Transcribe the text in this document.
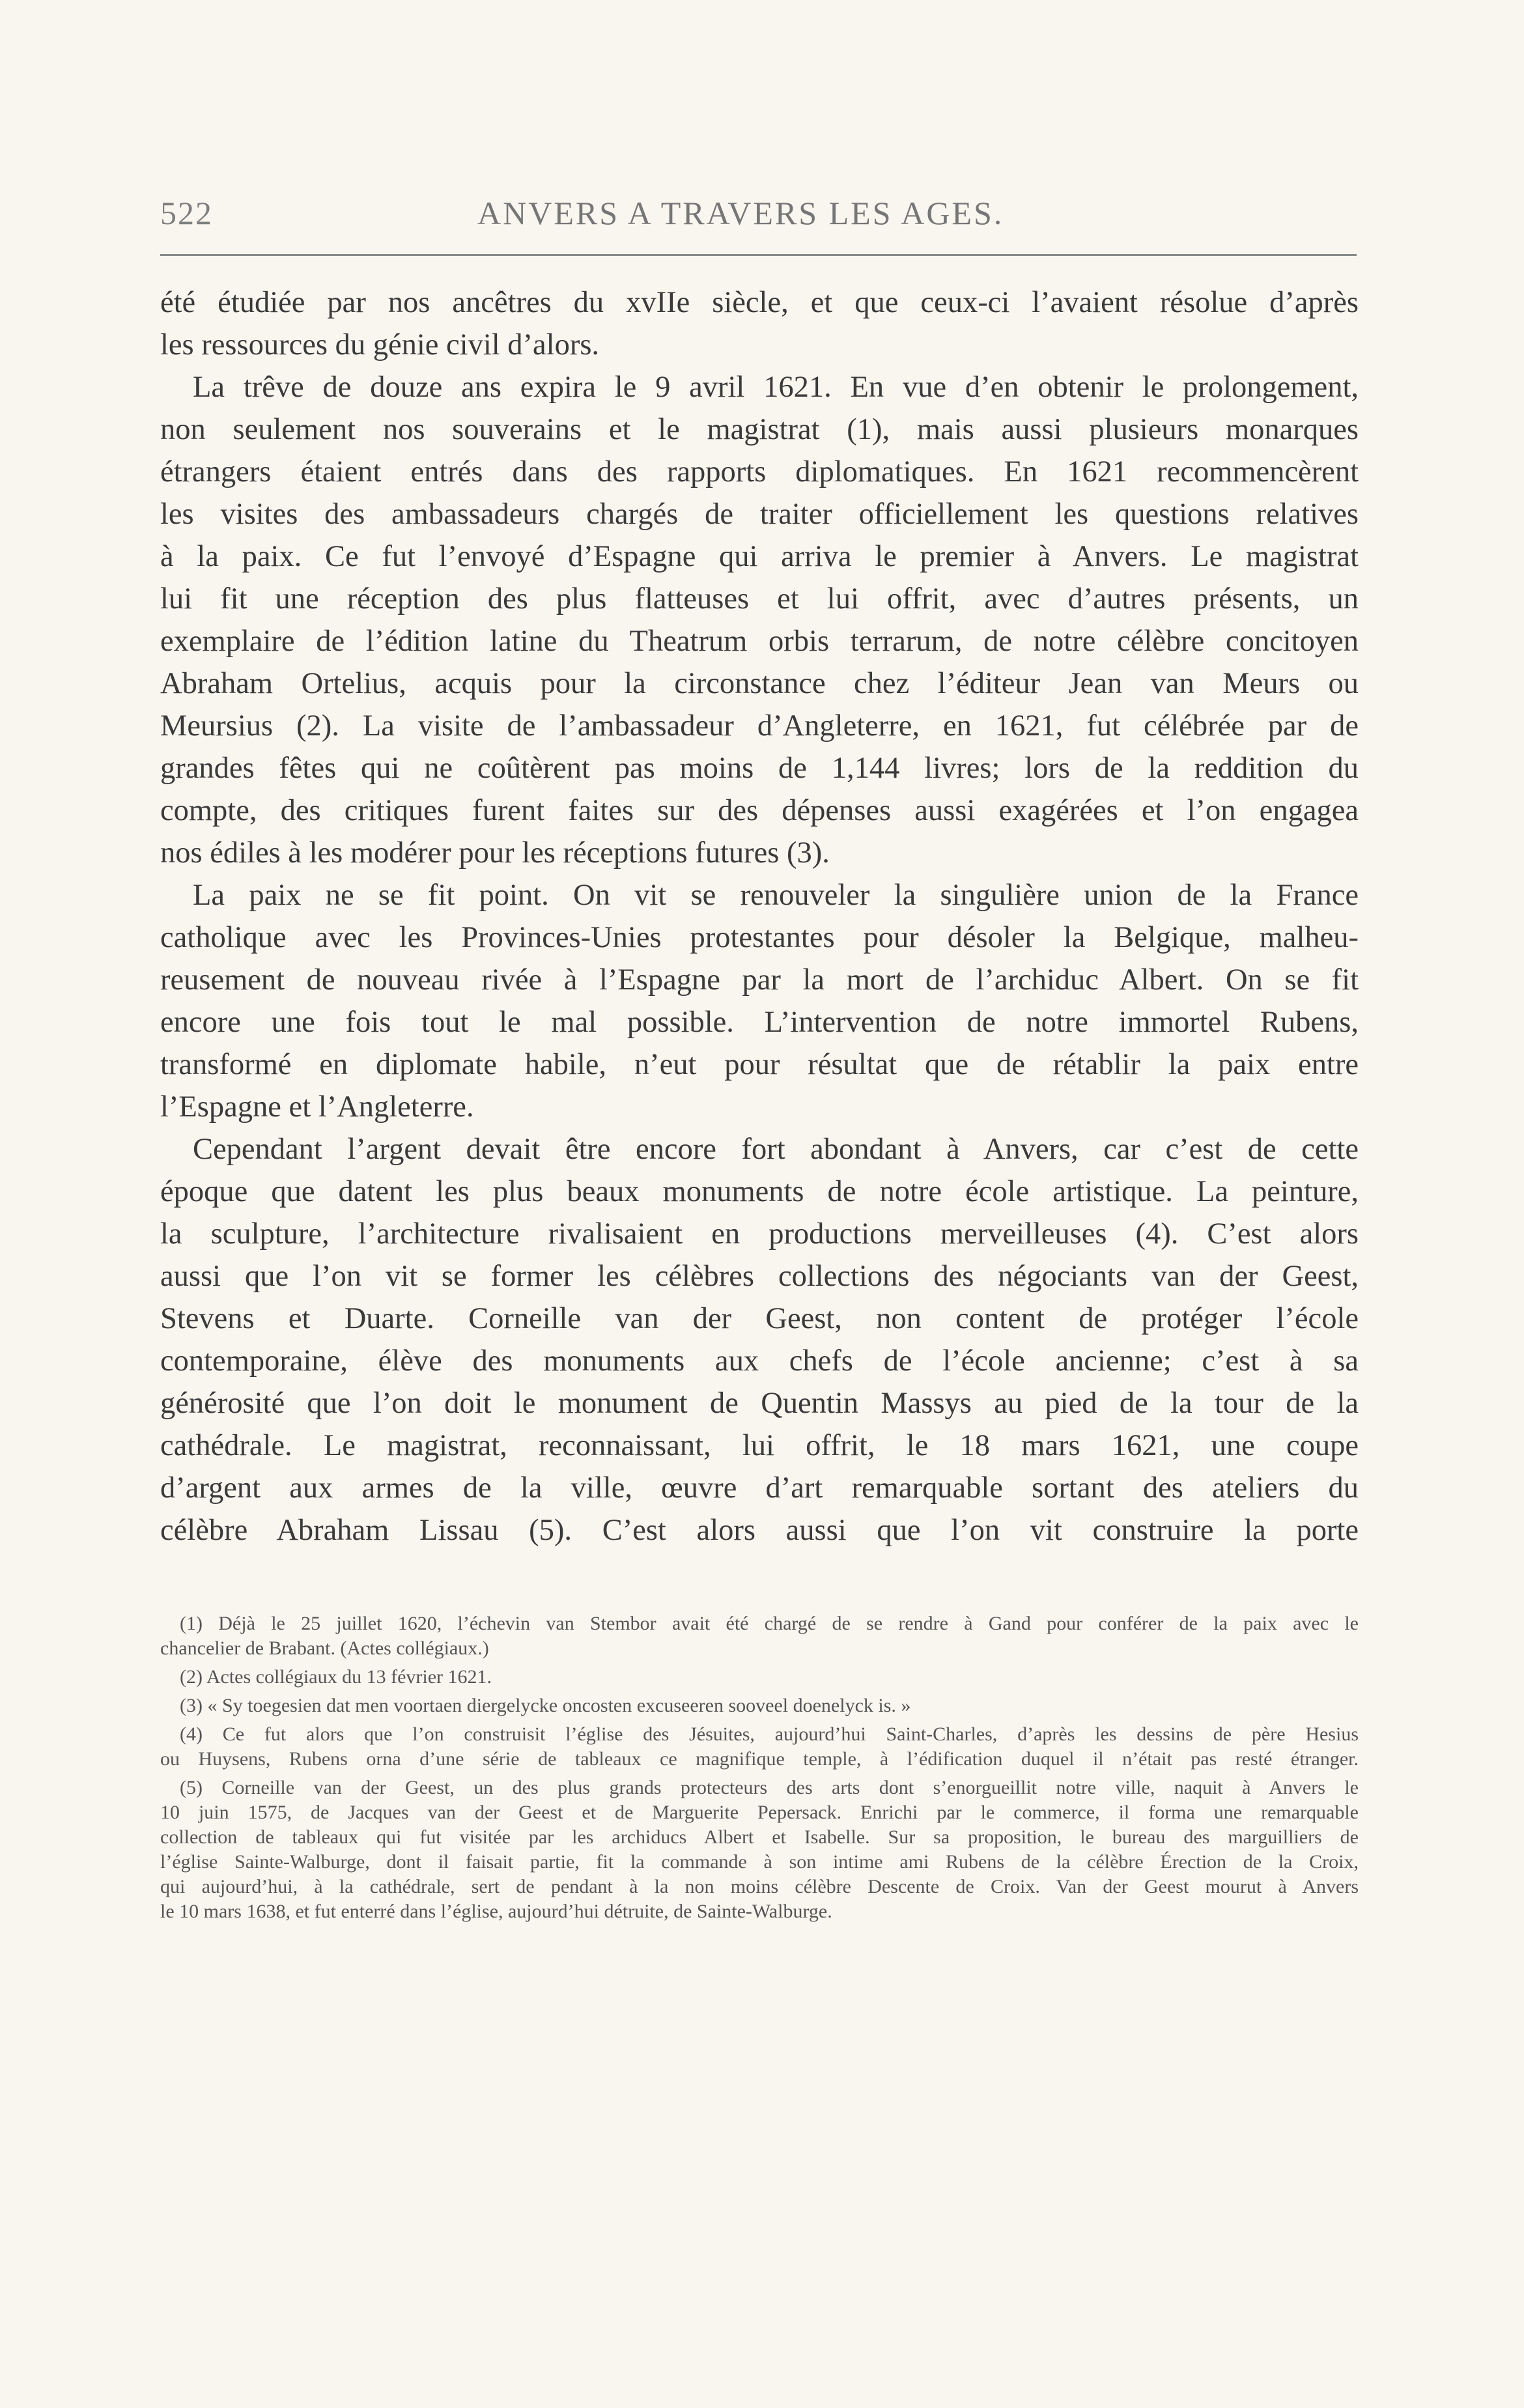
522	ANVERS A TRAVERS LES AGES.
été étudiée par nos ancêtres du xvIIe siècle, et que ceux-ci l’avaient résolue d’après
les ressources du génie civil d’alors.
La trêve de douze ans expira le 9 avril 1621. En vue d’en obtenir le prolongement,
non seulement nos souverains et le magistrat (1), mais aussi plusieurs monarques
étrangers étaient entrés dans des rapports diplomatiques. En 1621 recommencèrent
les visites des ambassadeurs chargés de traiter officiellement les questions relatives
à la paix. Ce fut l’envoyé d’Espagne qui arriva le premier à Anvers. Le magistrat
lui fit une réception des plus flatteuses et lui offrit, avec d’autres présents, un
exemplaire de l’édition latine du Theatrum orbis terrarum, de notre célèbre concitoyen
Abraham Ortelius, acquis pour la circonstance chez l’éditeur Jean van Meurs ou
Meursius (2). La visite de l’ambassadeur d’Angleterre, en 1621, fut célébrée par de
grandes fêtes qui ne coûtèrent pas moins de 1,144 livres; lors de la reddition du
compte, des critiques furent faites sur des dépenses aussi exagérées et l’on engagea
nos édiles à les modérer pour les réceptions futures (3).
La paix ne se fit point. On vit se renouveler la singulière union de la France
catholique avec les Provinces-Unies protestantes pour désoler la Belgique, malheu-
reusement de nouveau rivée à l’Espagne par la mort de l’archiduc Albert. On se fit
encore une fois tout le mal possible. L’intervention de notre immortel Rubens,
transformé en diplomate habile, n’eut pour résultat que de rétablir la paix entre
l’Espagne et l’Angleterre.
Cependant l’argent devait être encore fort abondant à Anvers, car c’est de cette
époque que datent les plus beaux monuments de notre école artistique. La peinture,
la sculpture, l’architecture rivalisaient en productions merveilleuses (4). C’est alors
aussi que l’on vit se former les célèbres collections des négociants van der Geest,
Stevens et Duarte. Corneille van der Geest, non content de protéger l’école
contemporaine, élève des monuments aux chefs de l’école ancienne; c’est à sa
générosité que l’on doit le monument de Quentin Massys au pied de la tour de la
cathédrale. Le magistrat, reconnaissant, lui offrit, le 18 mars 1621, une coupe
d’argent aux armes de la ville, œuvre d’art remarquable sortant des ateliers du
célèbre Abraham Lissau (5). C’est alors aussi que l’on vit construire la porte
(1) Déjà le 25 juillet 1620, l’échevin van Stembor avait été chargé de se rendre à Gand pour conférer de la paix avec le
chancelier de Brabant. (Actes collégiaux.)
(2) Actes collégiaux du 13 février 1621.
(3) « Sy toegesien dat men voortaen diergelycke oncosten excuseeren sooveel doenelyck is. »
(4) Ce fut alors que l’on construisit l’église des Jésuites, aujourd’hui Saint-Charles, d’après les dessins de père Hesius
ou Huysens, Rubens orna d’une série de tableaux ce magnifique temple, à l’édification duquel il n’était pas resté étranger.
(5) Corneille van der Geest, un des plus grands protecteurs des arts dont s’enorgueillit notre ville, naquit à Anvers le
10 juin 1575, de Jacques van der Geest et de Marguerite Pepersack. Enrichi par le commerce, il forma une remarquable
collection de tableaux qui fut visitée par les archiducs Albert et Isabelle. Sur sa proposition, le bureau des marguilliers de
l’église Sainte-Walburge, dont il faisait partie, fit la commande à son intime ami Rubens de la célèbre Érection de la Croix,
qui aujourd’hui, à la cathédrale, sert de pendant à la non moins célèbre Descente de Croix. Van der Geest mourut à Anvers
le 10 mars 1638, et fut enterré dans l’église, aujourd’hui détruite, de Sainte-Walburge.
